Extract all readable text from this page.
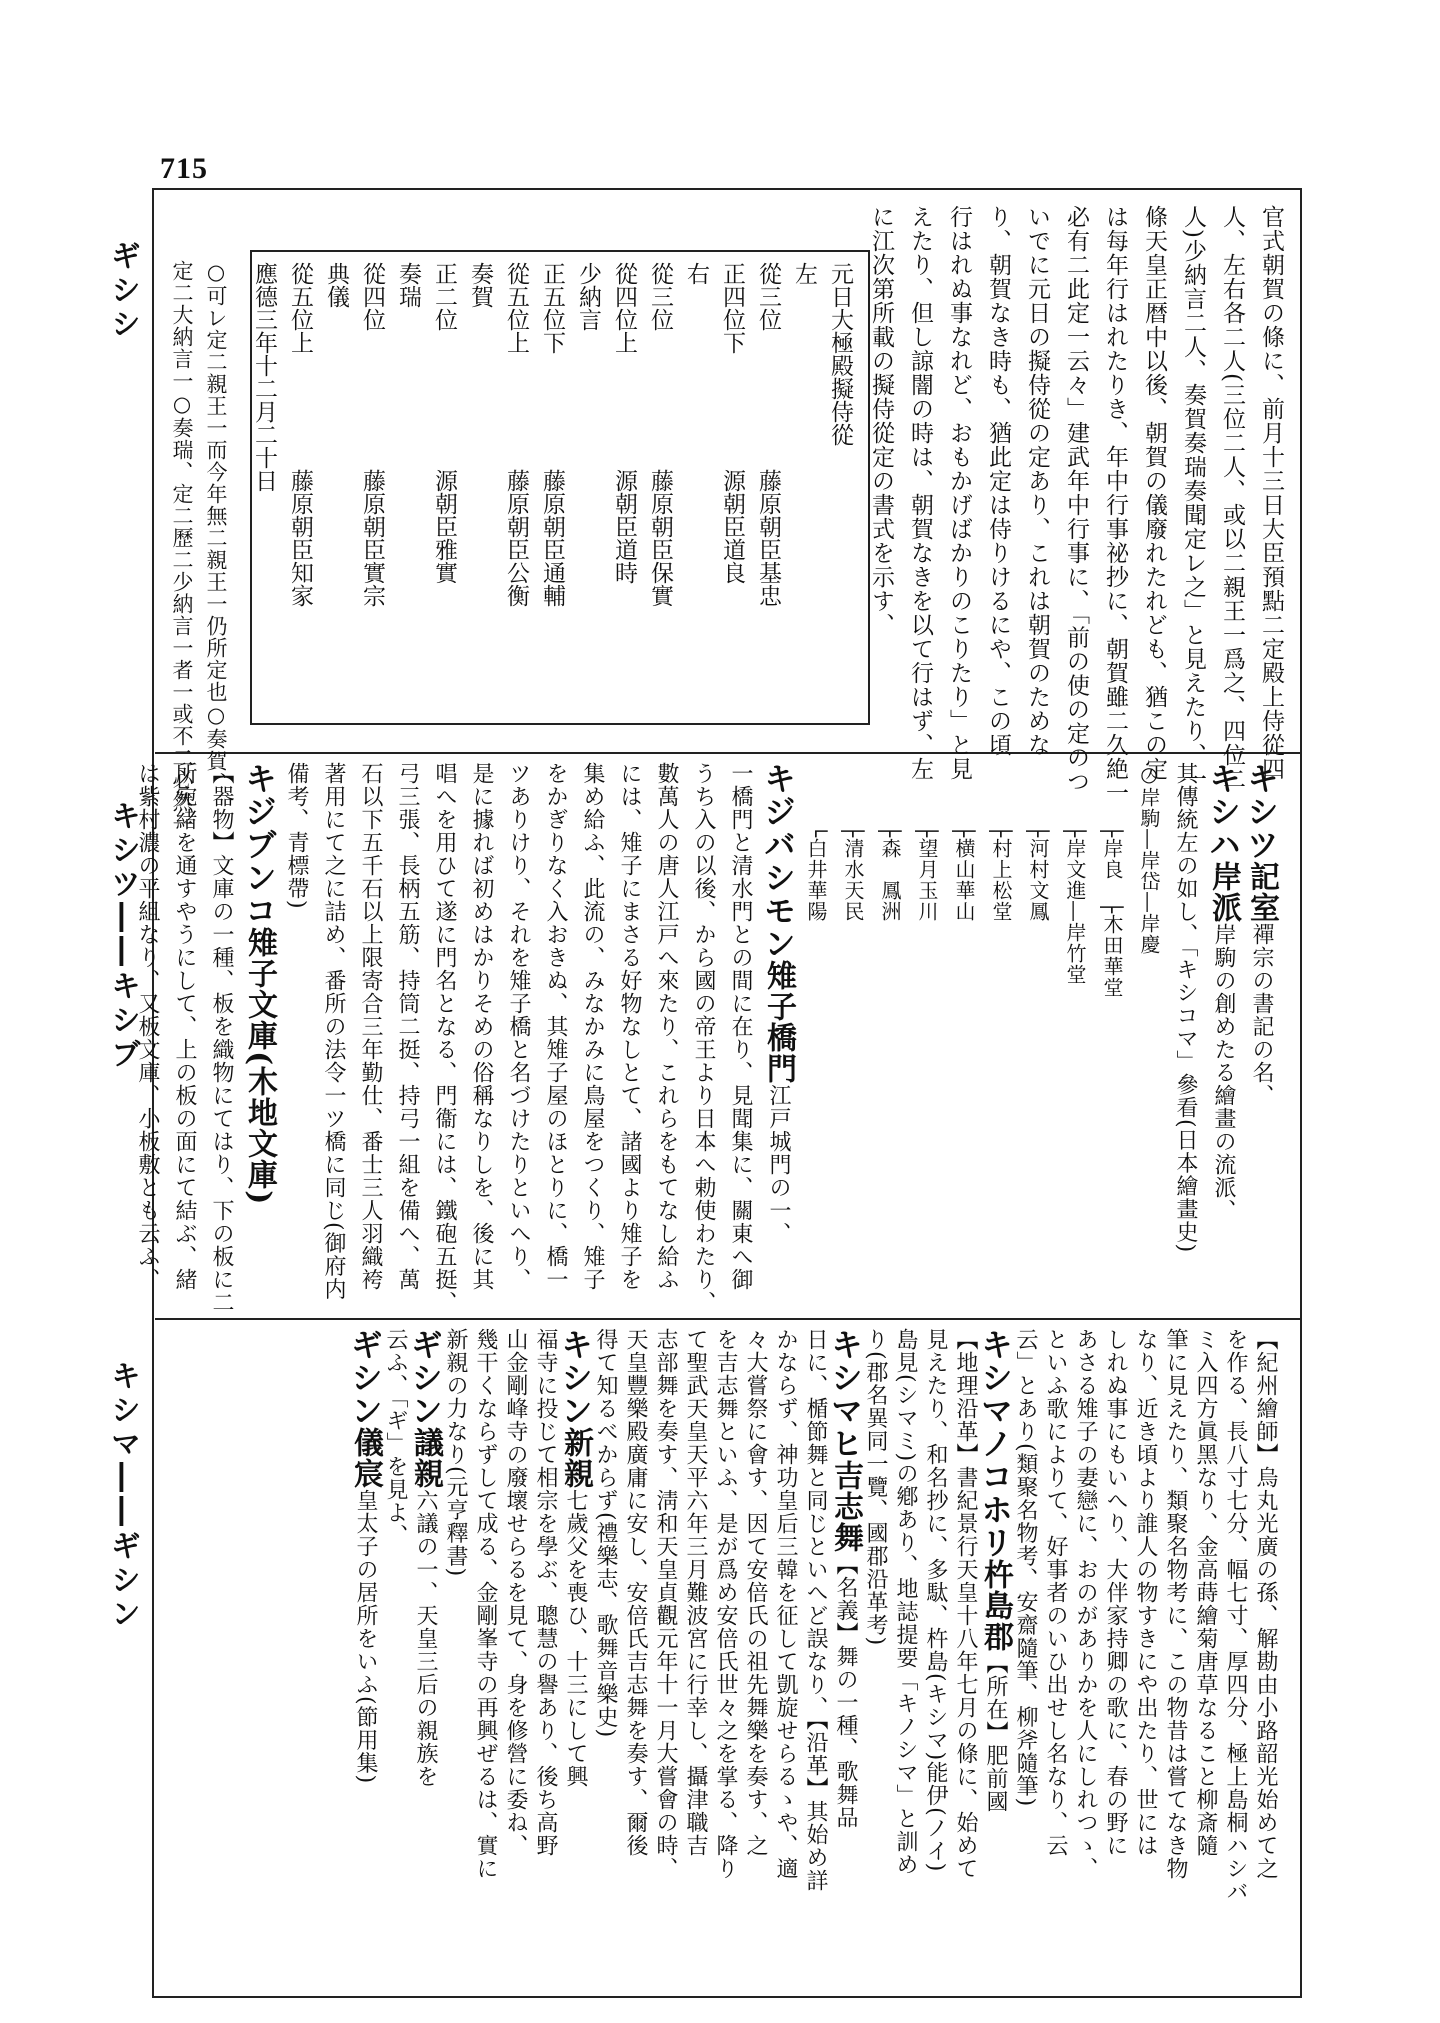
715
ギシシ
キシツ――キシブ
キシマ――ギシン
官式朝賀の條に、前月十三日大臣預點二定殿上侍從四
人、左右各二人(三位二人、或以二親王一爲之、四位二
人)少納言二人、奏賀奏瑞奏聞定レ之」と見えたり、一
條天皇正暦中以後、朝賀の儀廢れたれども、猶この定
は每年行はれたりき、年中行事祕抄に、朝賀雖二久絶一
必有二此定一云々」建武年中行事に、「前の使の定のつ
いでに元日の擬侍從の定あり、これは朝賀のためな
り、朝賀なき時も、猶此定は侍りけるにや、この頃
行はれぬ事なれど、おもかげばかりのこりたり」と見
えたり、但し諒闇の時は、朝賀なきを以て行はず、左
に江次第所載の擬侍從定の書式を示す、
元日大極殿擬侍從
左
從三位　　　　　　藤原朝臣基忠
正四位下　　　　　源朝臣道良
右
從三位　　　　　　藤原朝臣保實
從四位上　　　　　源朝臣道時
少納言
正五位下　　　　　藤原朝臣通輔
從五位上　　　　　藤原朝臣公衡
奏賀
正二位　　　　　　源朝臣雅實
奏瑞
從四位　　　　　　藤原朝臣實宗
典儀
從五位上　　　　　藤原朝臣知家
應德三年十二月二十日
○可レ定二親王一而今年無二親王一仍所定也○奏賀、
定二大納言一○奏瑞、定二歷二少納言一者一或不二必然一	キシツ記室禪宗の書記の名、
キシハ岸派岸駒の創めたる繪畫の流派、
其傳統左の如し、「キシコマ」參看(日本繪畫史)
○岸駒―岸岱―岸慶
　　　├岸良　├木田華堂
　　　├岸文進―岸竹堂
　　　├河村文鳳
　　　├村上松堂
　　　├横山華山
　　　├望月玉川
　　　├森　鳳洲
　　　├清水天民
　　　└白井華陽
キジバシモン雉子橋門江戸城門の一、
一橋門と清水門との間に在り、見聞集に、關東へ御
うち入の以後、から國の帝王より日本へ勅使わたり、
數萬人の唐人江戸へ來たり、これらをもてなし給ふ
には、雉子にまさる好物なしとて、諸國より雉子を
集め給ふ、此流の、みなかみに鳥屋をつくり、雉子
をかぎりなく入おきぬ、其雉子屋のほとりに、橋一
ツありけり、それを雉子橋と名づけたりといへり、
是に據れば初めはかりそめの俗稱なりしを、後に其
唱へを用ひて遂に門名となる、門衞には、鐵砲五挺、
弓三張、長柄五筋、持筒二挺、持弓一組を備へ、萬
石以下五千石以上限寄合三年勤仕、番士三人羽織袴
著用にて之に詰め、番所の法令一ツ橋に同じ(御府内
備考、青標帶)
キジブンコ雉子文庫(木地文庫)
【器物】文庫の一種、板を織物にてはり、下の板に二
所宛緒を通すやうにして、上の板の面にて結ぶ、緒
は紫村濃の平組なり、又板文庫、小板敷とも云ふ、
【紀州繪師】烏丸光廣の孫、解勘由小路韶光始めて之
を作る、長八寸七分、幅七寸、厚四分、極上島桐ハシバ
ミ入四方眞黑なり、金高蒔繪菊唐草なること柳斎隨
筆に見えたり、類聚名物考に、この物昔は嘗てなき物
なり、近き頃より誰人の物すきにや出たり、世には
しれぬ事にもいへり、大伴家持卿の歌に、春の野に
あさる雉子の妻戀に、おのがありかを人にしれつゝ、
といふ歌によりて、好事者のいひ出せし名なり、云
云」とあり(類聚名物考、安齋隨筆、柳斧隨筆)
キシマノコホリ杵島郡【所在】肥前國
【地理沿革】書紀景行天皇十八年七月の條に、始めて
見えたり、和名抄に、多駄、杵島(キシマ)能伊(ノイ)
島見(シマミ)の鄕あり、地誌提要「キノシマ」と訓め
り(郡名異同一覽、國郡沿革考)
キシマヒ吉志舞【名義】舞の一種、歌舞品
日に、楯節舞と同じといへど誤なり、【沿革】其始め詳
かならず、神功皇后三韓を征して凱旋せらるゝや、適
々大嘗祭に會す、因て安倍氏の祖先舞樂を奏す、之
を吉志舞といふ、是が爲め安倍氏世々之を掌る、降り
て聖武天皇天平六年三月難波宮に行幸し、攝津職吉
志部舞を奏す、淸和天皇貞觀元年十一月大嘗會の時、
天皇豐樂殿廣庸に安し、安倍氏吉志舞を奏す、爾後
得て知るべからず(禮樂志、歌舞音樂史)
キシン新親七歲父を喪ひ、十三にして興
福寺に投じて相宗を學ぶ、聰慧の譽あり、後ち高野
山金剛峰寺の廢壞せらるを見て、身を修營に委ね、
幾干くならずして成る、金剛峯寺の再興ぜるは、實に
新親の力なり(元亨釋書)
ギシン議親六議の一、天皇三后の親族を
云ふ、「ギ」を見よ、
ギシン儀宸皇太子の居所をいふ(節用集)
